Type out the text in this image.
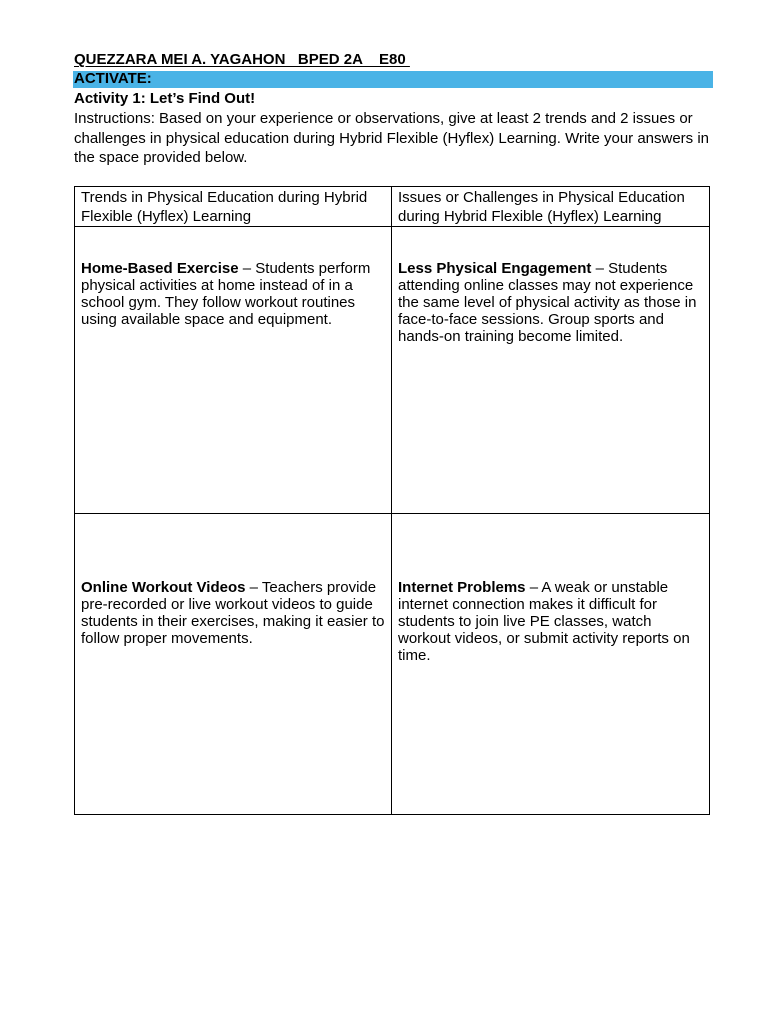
QUEZZARA MEI A. YAGAHON   BPED 2A    E80
ACTIVATE:
Activity 1: Let’s Find Out!
Instructions: Based on your experience or observations, give at least 2 trends and 2 issues or challenges in physical education during Hybrid Flexible (Hyflex) Learning. Write your answers in the space provided below.
Trends in Physical Education during Hybrid Flexible (Hyflex) Learning
Issues or Challenges in Physical Education during Hybrid Flexible (Hyflex) Learning
Home-Based Exercise – Students perform physical activities at home instead of in a school gym. They follow workout routines using available space and equipment.
Less Physical Engagement – Students attending online classes may not experience the same level of physical activity as those in face-to-face sessions. Group sports and hands-on training become limited.
Online Workout Videos – Teachers provide pre-recorded or live workout videos to guide students in their exercises, making it easier to follow proper movements.
Internet Problems – A weak or unstable internet connection makes it difficult for students to join live PE classes, watch workout videos, or submit activity reports on time.
